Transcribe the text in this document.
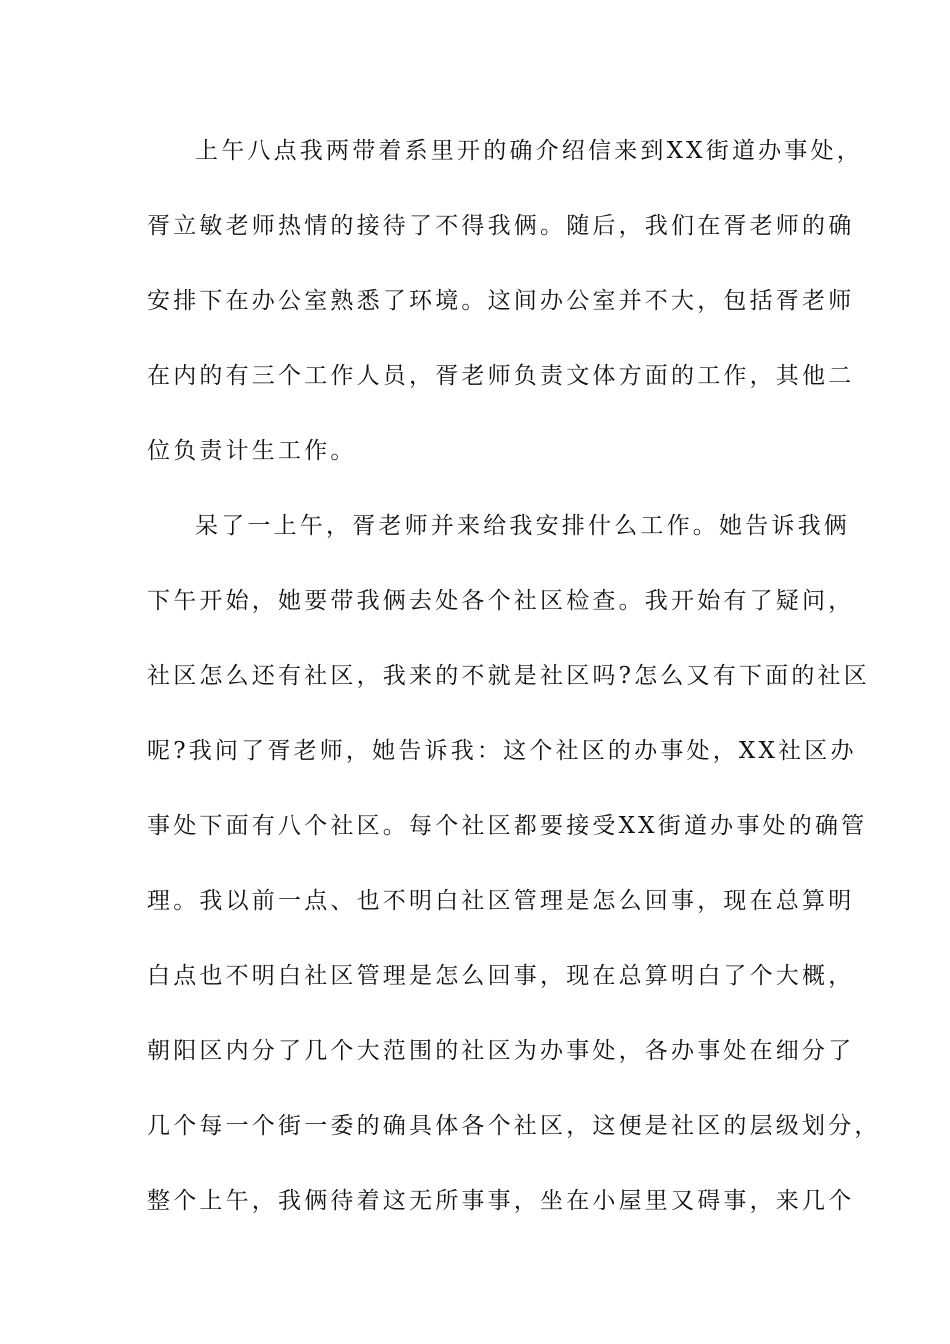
上午八点我两带着系里开的确介绍信来到XX街道办事处，
胥立敏老师热情的接待了不得我俩。随后，我们在胥老师的确
安排下在办公室熟悉了环境。这间办公室并不大，包括胥老师
在内的有三个工作人员，胥老师负责文体方面的工作，其他二
位负责计生工作。
呆了一上午，胥老师并来给我安排什么工作。她告诉我俩
下午开始，她要带我俩去处各个社区检查。我开始有了疑问，
社区怎么还有社区，我来的不就是社区吗?怎么又有下面的社区
呢?我问了胥老师，她告诉我：这个社区的办事处，XX社区办
事处下面有八个社区。每个社区都要接受XX街道办事处的确管
理。我以前一点、也不明白社区管理是怎么回事，现在总算明
白点也不明白社区管理是怎么回事，现在总算明白了个大概，
朝阳区内分了几个大范围的社区为办事处，各办事处在细分了
几个每一个街一委的确具体各个社区，这便是社区的层级划分，
整个上午，我俩待着这无所事事，坐在小屋里又碍事，来几个
